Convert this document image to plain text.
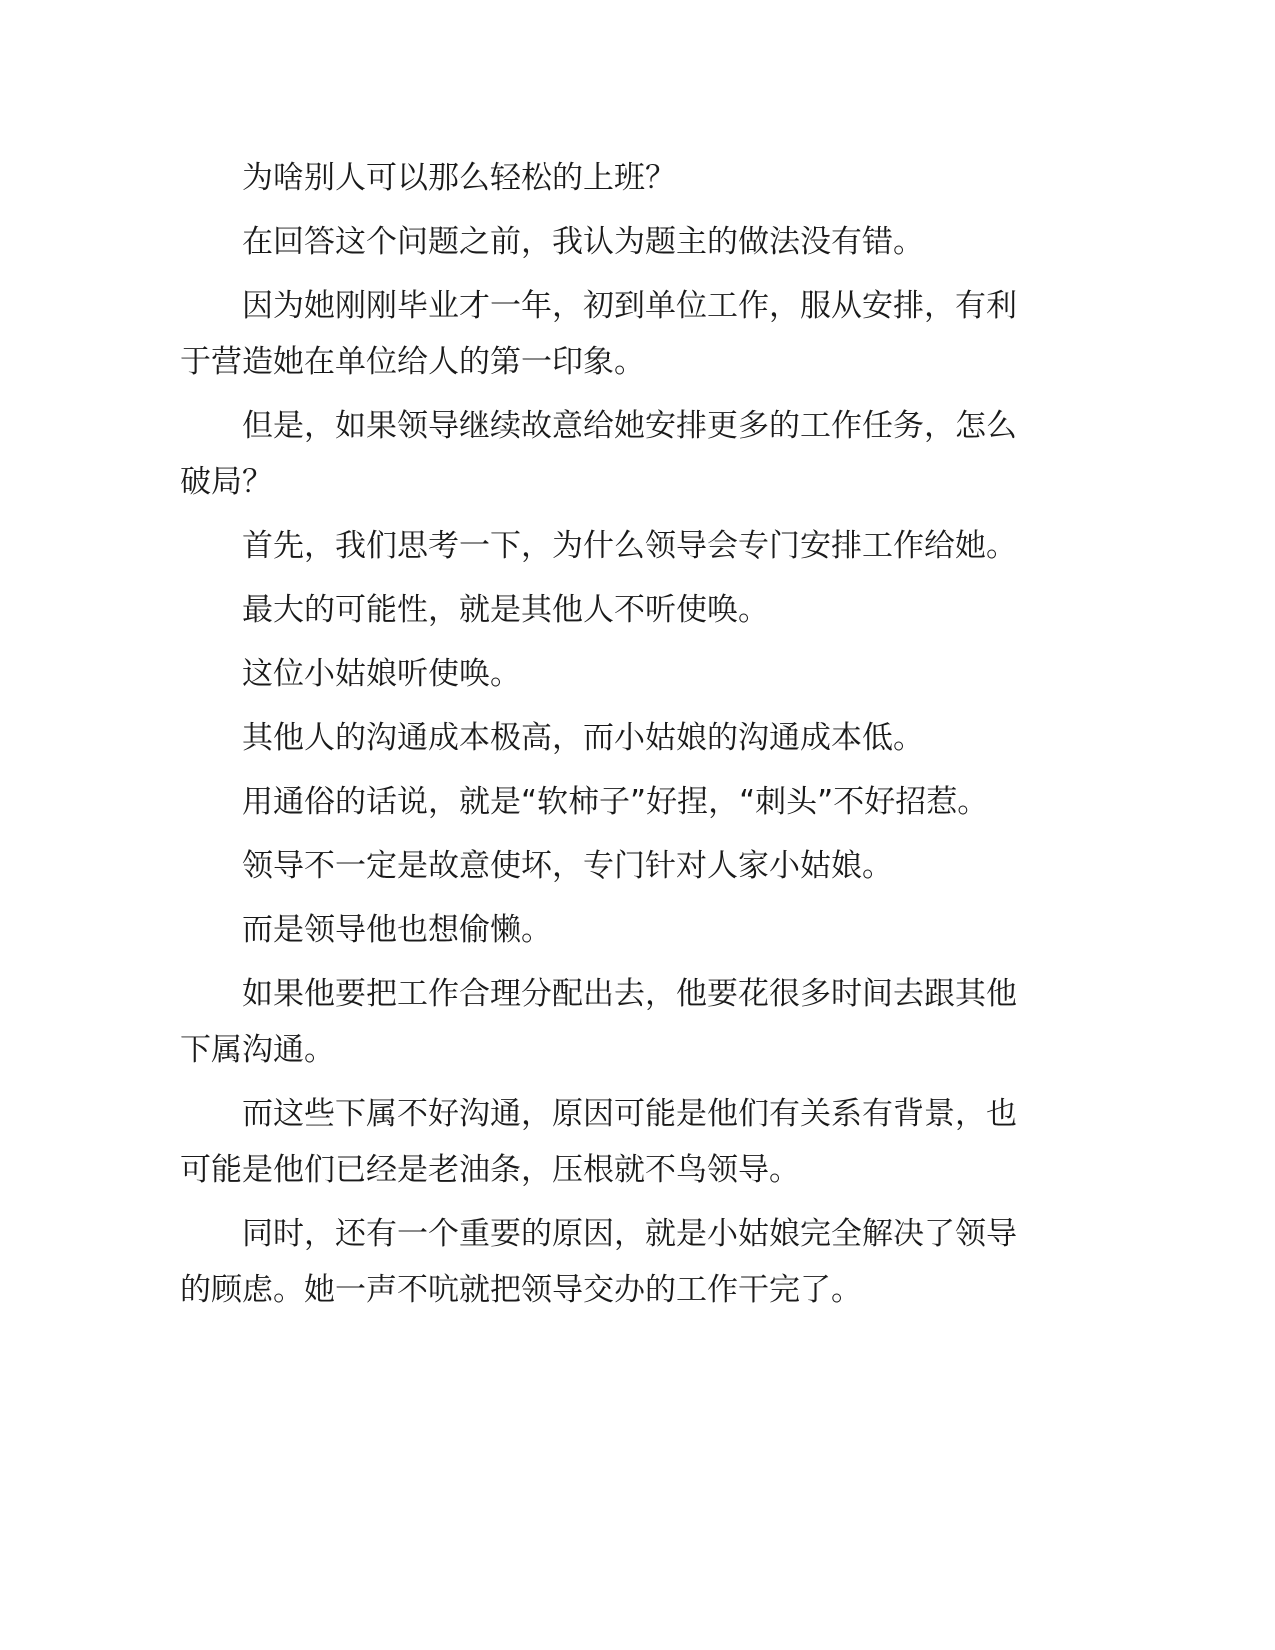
为啥别人可以那么轻松的上班？

在回答这个问题之前，我认为题主的做法没有错。

因为她刚刚毕业才一年，初到单位工作，服从安排，有利于营造她在单位给人的第一印象。

但是，如果领导继续故意给她安排更多的工作任务，怎么破局？

首先，我们思考一下，为什么领导会专门安排工作给她。

最大的可能性，就是其他人不听使唤。

这位小姑娘听使唤。

其他人的沟通成本极高，而小姑娘的沟通成本低。

用通俗的话说，就是“软柿子”好捏，“刺头”不好招惹。

领导不一定是故意使坏，专门针对人家小姑娘。

而是领导他也想偷懒。

如果他要把工作合理分配出去，他要花很多时间去跟其他下属沟通。

而这些下属不好沟通，原因可能是他们有关系有背景，也可能是他们已经是老油条，压根就不鸟领导。

同时，还有一个重要的原因，就是小姑娘完全解决了领导的顾虑。她一声不吭就把领导交办的工作干完了。
